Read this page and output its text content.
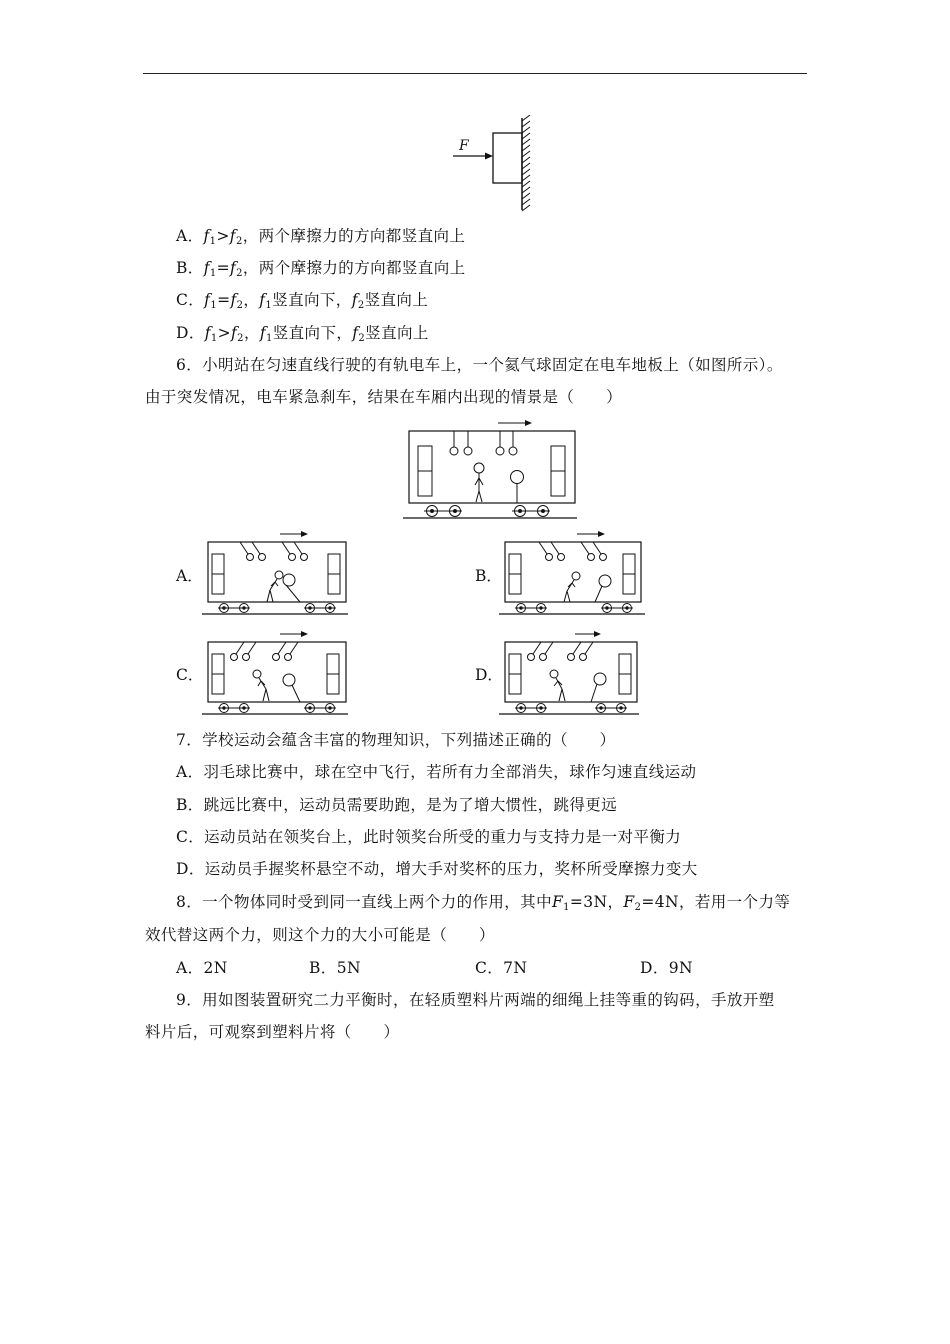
F
A．$f_1>f_2$，两个摩擦力的方向都竖直向上
B．$f_1=f_2$，两个摩擦力的方向都竖直向上
C．$f_1=f_2$，$f_1$竖直向下，$f_2$竖直向上
D．$f_1>f_2$，$f_1$竖直向下，$f_2$竖直向上
6．小明站在匀速直线行驶的有轨电车上，一个氦气球固定在电车地板上（如图所示）。
由于突发情况，电车紧急刹车，结果在车厢内出现的情景是（　　）
A．	B．
C．	D．
7．学校运动会蕴含丰富的物理知识，下列描述正确的（　　）
A．羽毛球比赛中，球在空中飞行，若所有力全部消失，球作匀速直线运动
B．跳远比赛中，运动员需要助跑，是为了增大惯性，跳得更远
C．运动员站在领奖台上，此时领奖台所受的重力与支持力是一对平衡力
D．运动员手握奖杯悬空不动，增大手对奖杯的压力，奖杯所受摩擦力变大
8．一个物体同时受到同一直线上两个力的作用，其中$F_1=3N$，$F_2=4N$，若用一个力等
效代替这两个力，则这个力的大小可能是（　　）
A．2N	B．5N	C．7N	D．9N
9．用如图装置研究二力平衡时，在轻质塑料片两端的细绳上挂等重的钩码，手放开塑
料片后，可观察到塑料片将（　　）
